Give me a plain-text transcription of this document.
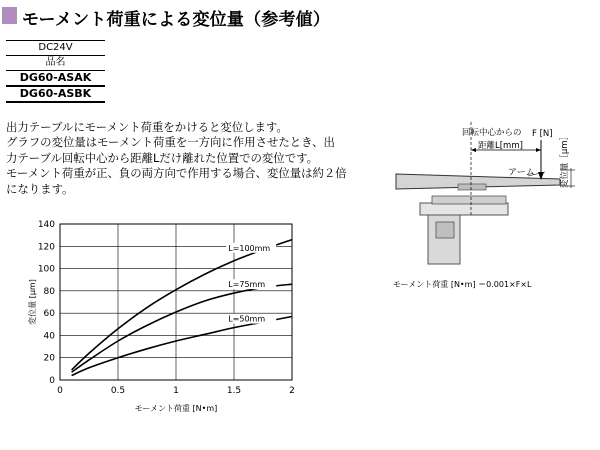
モーメント荷重による変位量（参考値）
DC24V
品名
DG60-ASAK
DG60-ASBK
出力テーブルにモーメント荷重をかけると変位します。
グラフの変位量はモーメント荷重を一方向に作用させたとき、出
力テーブル回転中心から距離Lだけ離れた位置での変位です。
モーメント荷重が正、負の両方向で作用する場合、変位量は約２倍
になります。
回転中心からの
距離L[mm]
F [N]
アーム	変位量［μm］
モーメント荷重 [N•m] ＝0.001×F×L
0
20
40
60
80
100
120
140
0	0.5	1	1.5	2
L=100mm
L=75mm
L=50mm
変位量 [μm]
モーメント荷重 [N•m]
